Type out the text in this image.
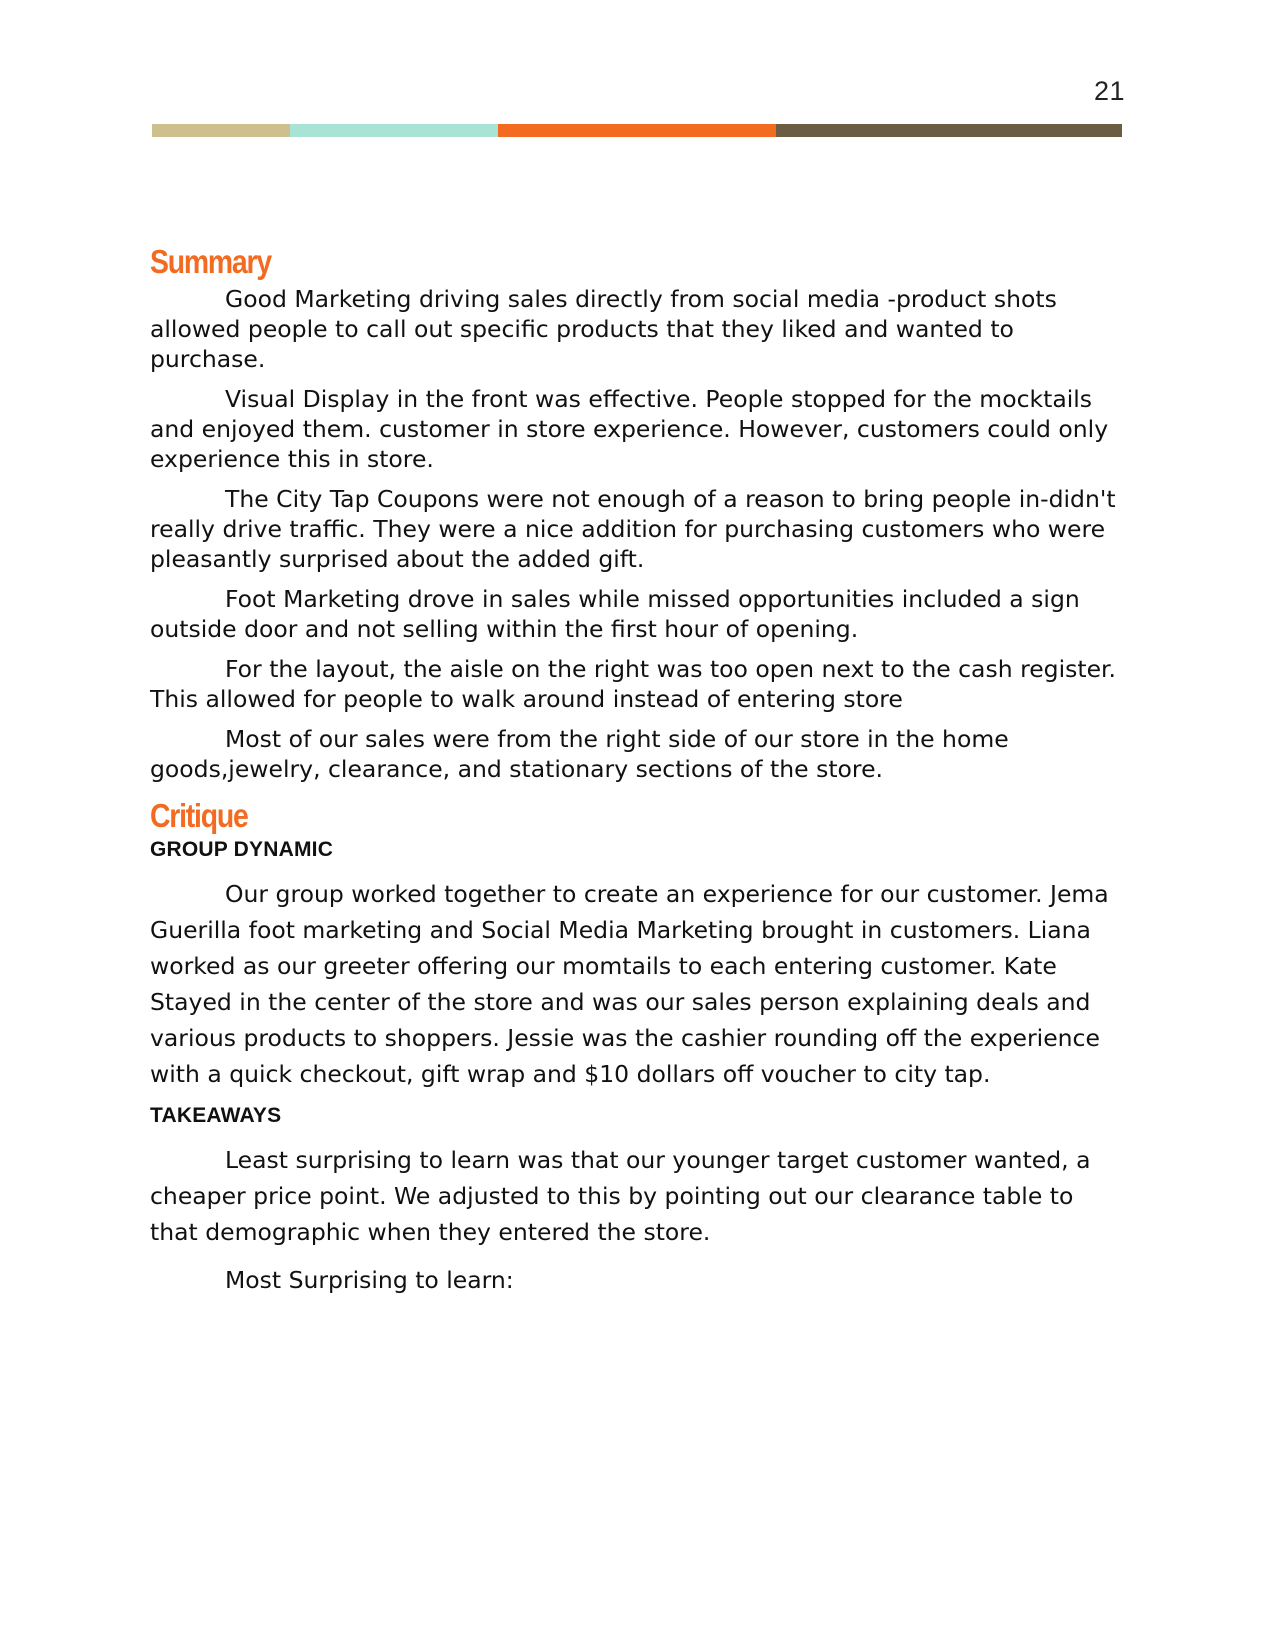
21
Summary

Good Marketing driving sales directly from social media -product shots allowed people to call out specific products that they liked and wanted to purchase.

Visual Display in the front was effective. People stopped for the mocktails and enjoyed them. customer in store experience. However, customers could only experience this in store.

The City Tap Coupons were not enough of a reason to bring people in-didn't really drive traffic. They were a nice addition for purchasing customers who were pleasantly surprised about the added gift.

Foot Marketing drove in sales while missed opportunities included a sign outside door and not selling within the first hour of opening.

For the layout, the aisle on the right was too open next to the cash register. This allowed for people to walk around instead of entering store

Most of our sales were from the right side of our store in the home goods,jewelry, clearance, and stationary sections of the store.

Critique
GROUP DYNAMIC

Our group worked together to create an experience for our customer. Jema Guerilla foot marketing and Social Media Marketing brought in customers. Liana worked as our greeter offering our momtails to each entering customer. Kate Stayed in the center of the store and was our sales person explaining deals and various products to shoppers. Jessie was the cashier rounding off the experience with a quick checkout, gift wrap and $10 dollars off voucher to city tap.

TAKEAWAYS

Least surprising to learn was that our younger target customer wanted, a cheaper price point. We adjusted to this by pointing out our clearance table to that demographic when they entered the store.

Most Surprising to learn:
